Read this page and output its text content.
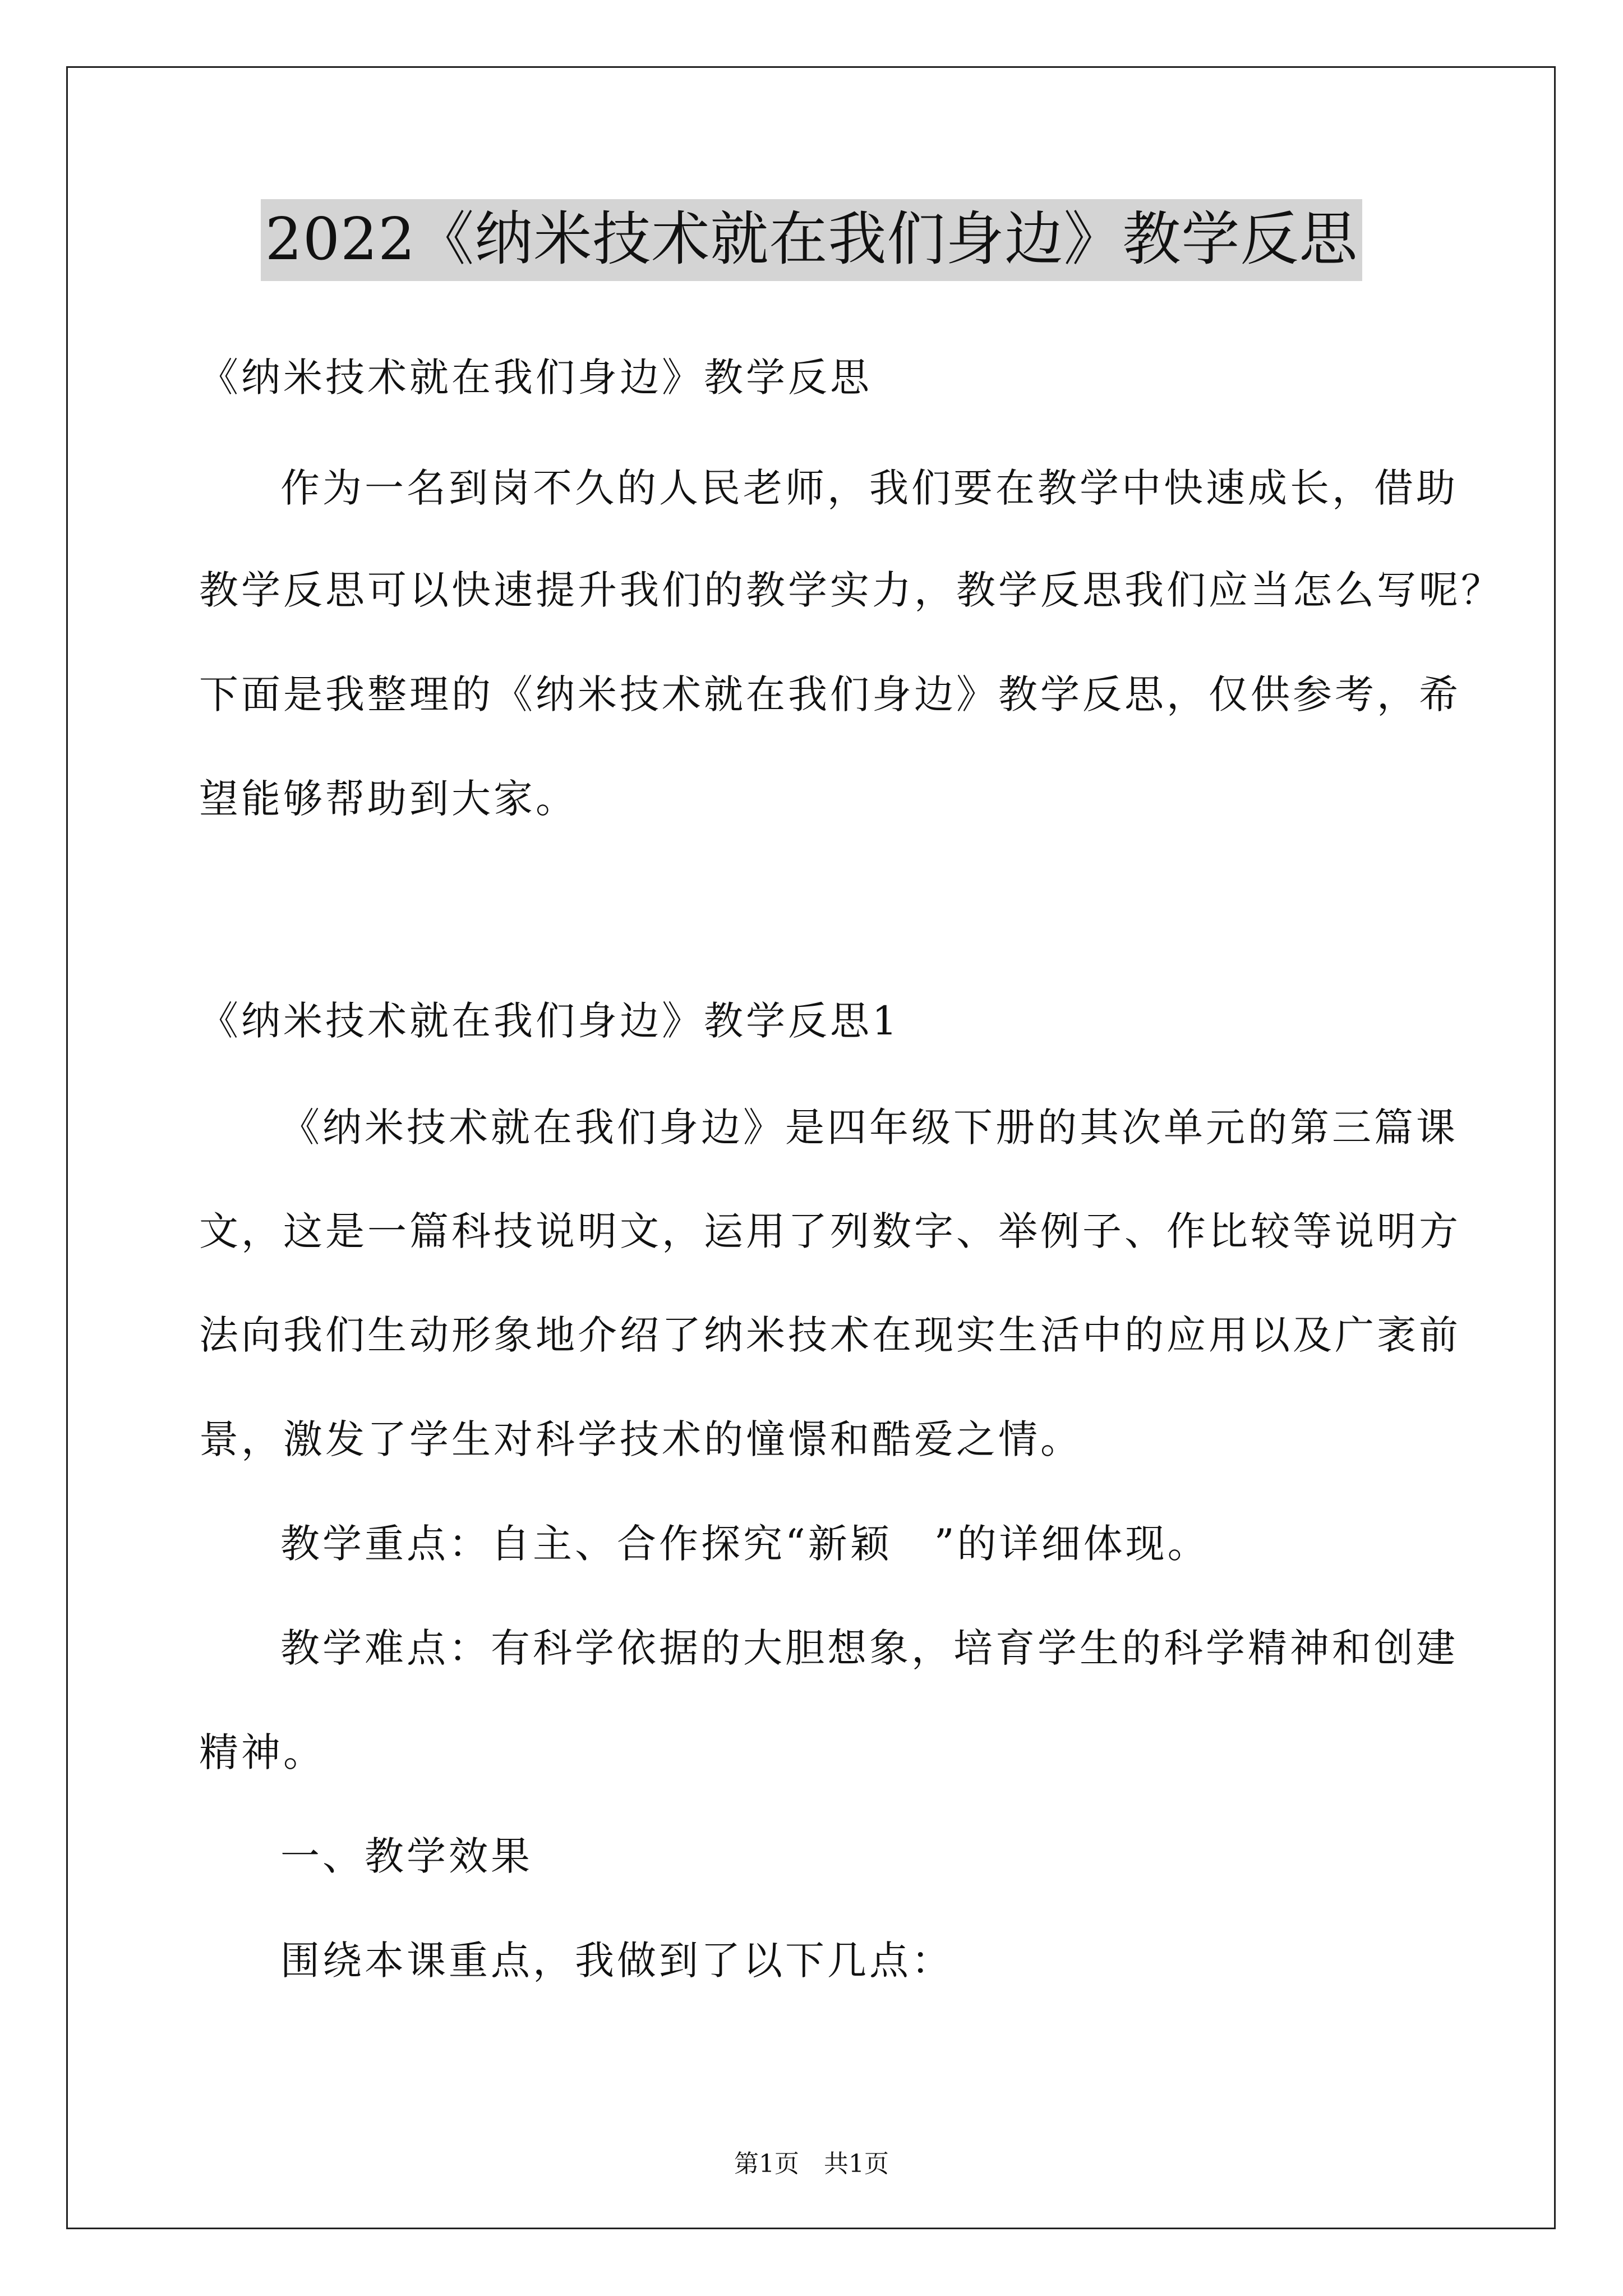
2022《纳米技术就在我们身边》教学反思

《纳米技术就在我们身边》教学反思

作为一名到岗不久的人民老师，我们要在教学中快速成长，借助

教学反思可以快速提升我们的教学实力，教学反思我们应当怎么写呢？

下面是我整理的《纳米技术就在我们身边》教学反思，仅供参考，希

望能够帮助到大家。

《纳米技术就在我们身边》教学反思1

《纳米技术就在我们身边》是四年级下册的其次单元的第三篇课

文，这是一篇科技说明文，运用了列数字、举例子、作比较等说明方

法向我们生动形象地介绍了纳米技术在现实生活中的应用以及广袤前

景，激发了学生对科学技术的憧憬和酷爱之情。

教学重点：自主、合作探究“新颖　”的详细体现。

教学难点：有科学依据的大胆想象，培育学生的科学精神和创建

精神。

一、教学效果

围绕本课重点，我做到了以下几点：

第1页　共1页
